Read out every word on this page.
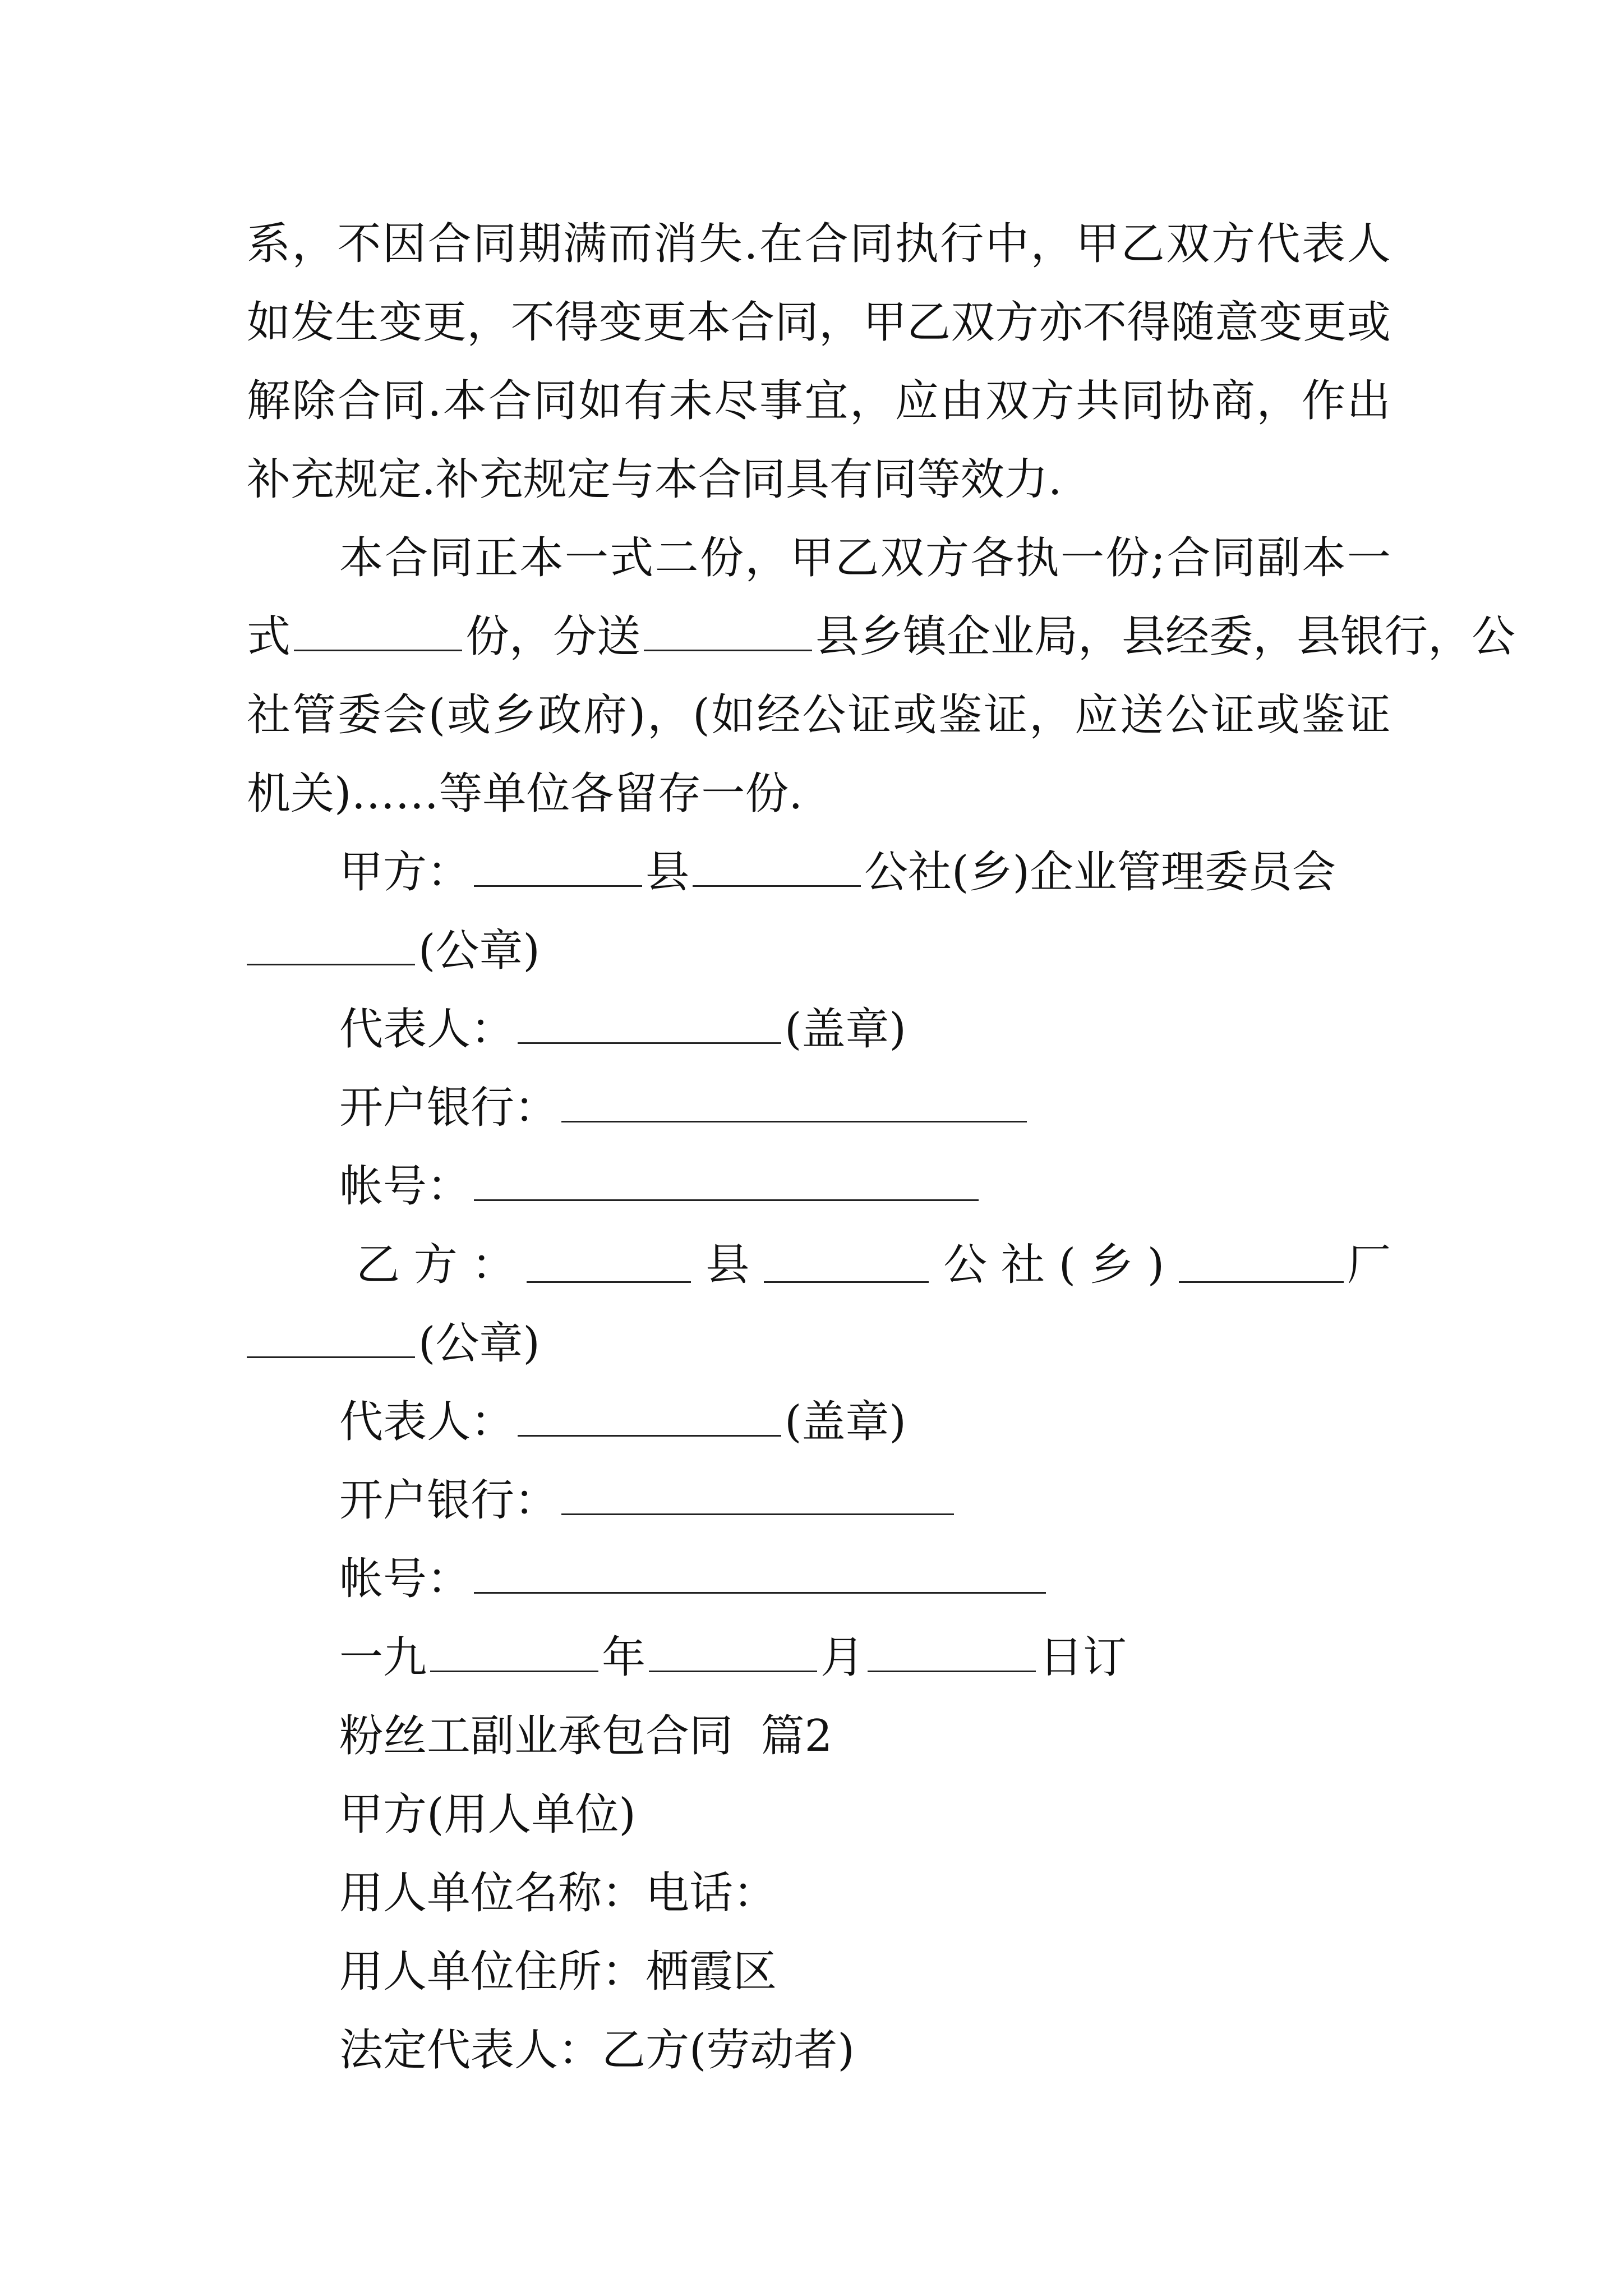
系 ， 不 因 合 同 期 满 而 消 失 . 在 合 同 执 行 中 ， 甲 乙 双 方 代 表 人
如 发 生 变 更 ， 不 得 变 更 本 合 同 ， 甲 乙 双 方 亦 不 得 随 意 变 更 或
解 除 合 同 . 本 合 同 如 有 未 尽 事 宜 ， 应 由 双 方 共 同 协 商 ， 作 出
补充规定.补充规定与本合同具有同等效力.
本 合 同 正 本 一 式 二 份 ， 甲 乙 双 方 各 执 一 份 ; 合 同 副 本 一
式	份，分送	县乡镇企业局，县经委，县银行，公
社 管 委 会 ( 或 乡 政 府 ) ， ( 如 经 公 证 或 鉴 证 ， 应 送 公 证 或 鉴 证
机关)……等单位各留存一份.
甲方：	县	公社(乡)企业管理委员会
(公章)
代表人：	(盖章)
开户银行：
帐号：
乙 方 ：	县	公 社 ( 乡 )	厂
(公章)
代表人：	(盖章)
开户银行：
帐号：
一九	年	月	日订
粉丝工副业承包合同  篇2
甲方(用人单位)
用人单位名称：电话：
用人单位住所：栖霞区
法定代表人：乙方(劳动者)
